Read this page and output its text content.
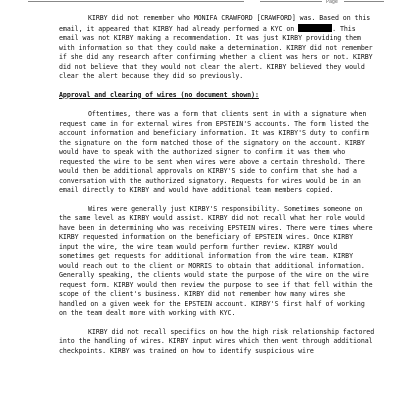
Page

KIRBY did not remember who MONIFA CRAWFORD [CRAWFORD] was. Based on this email, it appeared that KIRBY had already performed a KYC on	. This email was not KIRBY making a recommendation. It was just KIRBY providing them with information so that they could make a determination. KIRBY did not remember if she did any research after confirming whether a client was hers or not. KIRBY did not believe that they would not clear the alert. KIRBY believed they would clear the alert because they did so previously.

Approval and clearing of wires (no document shown):

Oftentimes, there was a form that clients sent in with a signature when request came in for external wires from EPSTEIN'S accounts. The form listed the account information and beneficiary information. It was KIRBY'S duty to confirm the signature on the form matched those of the signatory on the account. KIRBY would have to speak with the authorized signer to confirm it was them who requested the wire to be sent when wires were above a certain threshold. There would then be additional approvals on KIRBY'S side to confirm that she had a conversation with the authorized signatory. Requests for wires would be in an email directly to KIRBY and would have additional team members copied.

Wires were generally just KIRBY'S responsibility. Sometimes someone on the same level as KIRBY would assist. KIRBY did not recall what her role would have been in determining who was receiving EPSTEIN wires. There were times where KIRBY requested information on the beneficiary of EPSTEIN wires. Once KIRBY input the wire, the wire team would perform further review. KIRBY would sometimes get requests for additional information from the wire team. KIRBY would reach out to the client or MORRIS to obtain that additional information. Generally speaking, the clients would state the purpose of the wire on the wire request form. KIRBY would then review the purpose to see if that fell within the scope of the client's business. KIRBY did not remember how many wires she handled on a given week for the EPSTEIN account. KIRBY'S first half of working on the team dealt more with working with KYC.

KIRBY did not recall specifics on how the high risk relationship factored into the handling of wires. KIRBY input wires which then went through additional checkpoints. KIRBY was trained on how to identify suspicious wire
